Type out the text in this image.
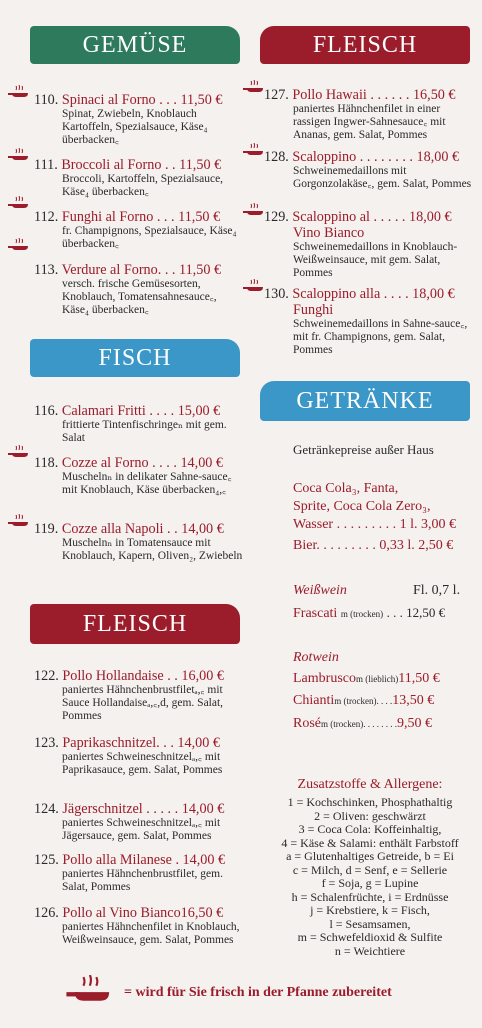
GEMÜSE
110. Spinaci al Forno . . . 11,50 €
Spinat, Zwiebeln, Knoblauch Kartoffeln, Spezialsauce, Käse₄ überbacken꜀
111. Broccoli al Forno . . 11,50 €
Broccoli, Kartoffeln, Spezialsauce, Käse₄ überbacken꜀
112. Funghi al Forno . . . 11,50 €
fr. Champignons, Spezialsauce, Käse₄ überbacken꜀
113. Verdure al Forno. . . 11,50 €
versch. frische Gemüsesorten, Knoblauch, Tomatensahnesauce꜀, Käse₄ überbacken꜀
FISCH
116. Calamari Fritti . . . . 15,00 €
frittierte Tintenfischringeₙ mit gem. Salat
118. Cozze al Forno . . . . 14,00 €
Muschelnₙ in delikater Sahne-sauce꜀ mit Knoblauch, Käse überbacken₄,꜀
119. Cozze alla Napoli . . 14,00 €
Muschelnₙ in Tomatensauce mit Knoblauch, Kapern, Oliven₂, Zwiebeln
FLEISCH
122. Pollo Hollandaise . . 16,00 €
paniertes Hähnchenbrustfiletₐ,꜀ mit Sauce Hollandaiseₐ,꜀,d, gem. Salat, Pommes
123. Paprikaschnitzel. . . 14,00 €
paniertes Schweineschnitzelₐ,꜀ mit Paprikasauce, gem. Salat, Pommes
124. Jägerschnitzel . . . . . 14,00 €
paniertes Schweineschnitzelₐ,꜀ mit Jägersauce, gem. Salat, Pommes
125. Pollo alla Milanese . 14,00 €
paniertes Hähnchenbrustfilet, gem. Salat, Pommes
126. Pollo al Vino Bianco16,50 €
paniertes Hähnchenfilet in Knoblauch, Weißweinsauce, gem. Salat, Pommes
FLEISCH
127. Pollo Hawaii . . . . . . 16,50 €
paniertes Hähnchenfilet in einer rassigen Ingwer-Sahnesauce꜀ mit Ananas, gem. Salat, Pommes
128. Scaloppino . . . . . . . . 18,00 €
Schweinemedaillons mit Gorgonzolakäse꜀, gem. Salat, Pommes
129. Scaloppino al . . . . . 18,00 €
Vino Bianco
Schweinemedaillons in Knoblauch-Weißweinsauce, mit gem. Salat, Pommes
130. Scaloppino alla . . . . 18,00 €
Funghi
Schweinemedaillons in Sahne-sauce꜀, mit fr. Champignons, gem. Salat, Pommes
GETRÄNKE
Getränkepreise außer Haus
Coca Cola₃, Fanta,
Sprite, Coca Cola Zero₃,
Wasser . . . . . . . . . 1 l. 3,00 €
Bier. . . . . . . . . 0,33 l. 2,50 €
Weißwein	Fl. 0,7 l.
Frascati m (trocken) . . . 12,50 €
Rotwein
Lambruscom (lieblich)11,50 €
Chiantim (trocken). . . .13,50 €
Rosém (trocken). . . . . . . .9,50 €
Zusatzstoffe & Allergene:
1 = Kochschinken, Phosphathaltig
2 = Oliven: geschwärzt
3 = Coca Cola: Koffeinhaltig,
4 = Käse & Salami: enthält Farbstoff
a = Glutenhaltiges Getreide, b = Ei
c = Milch, d = Senf, e = Sellerie
f = Soja, g = Lupine
h = Schalenfrüchte, i = Erdnüsse
j = Krebstiere, k = Fisch,
l = Sesamsamen,
m = Schwefeldioxid & Sulfite
n = Weichtiere
= wird für Sie frisch in der Pfanne zubereitet
